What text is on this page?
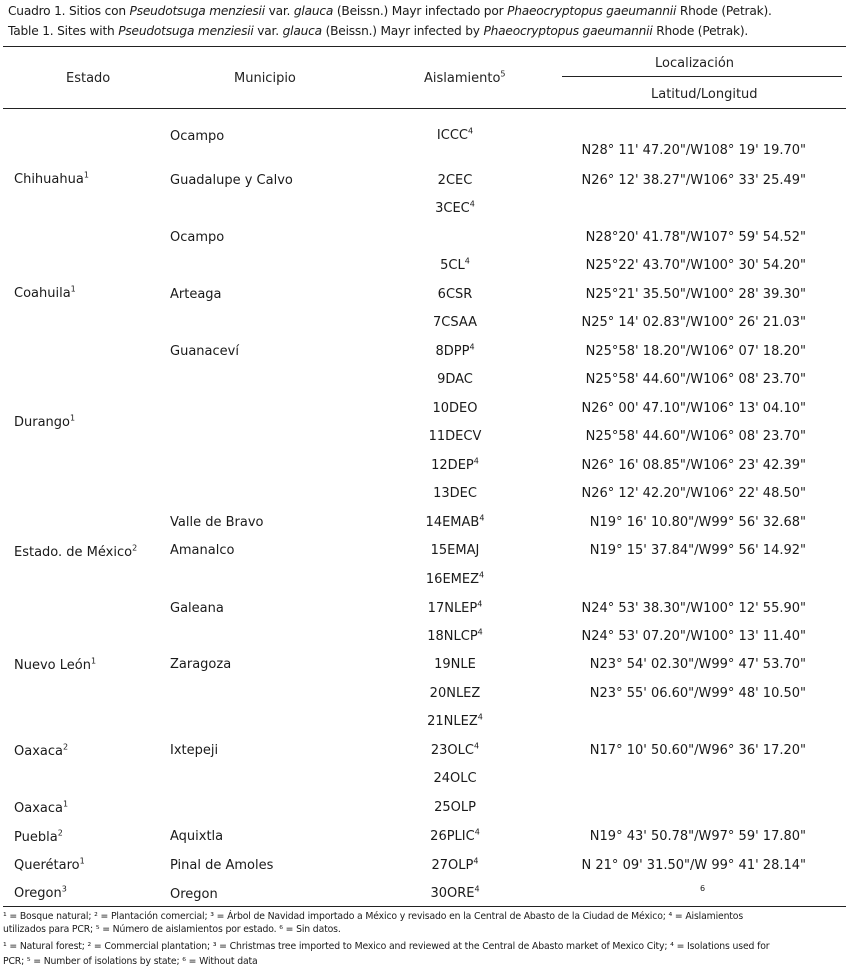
Cuadro 1. Sitios con Pseudotsuga menziesii var. glauca (Beissn.) Mayr infectado por Phaeocryptopus gaeumannii Rhode (Petrak).
Table 1. Sites with Pseudotsuga menziesii var. glauca (Beissn.) Mayr infected by Phaeocryptopus gaeumannii Rhode (Petrak).
Estado	Municipio	Aislamiento$^5$
Localización
Latitud/Longitud
Chihuahua$^1$
Coahuila$^1$
Durango$^1$
Estado. de México$^2$
Nuevo León$^1$
Oaxaca$^2$
Oaxaca$^1$
Puebla$^2$
Querétaro$^1$
Oregon$^3$
Ocampo
Guadalupe y Calvo
Ocampo
Arteaga
Guanaceví
Valle de Bravo
Amanalco
Galeana
Zaragoza
Ixtepeji
Aquixtla
Pinal de Amoles
Oregon
ICCC$^4$
2CEC
3CEC$^4$
$5CL^4$
6CSR
7CSAA
8DPP$^4$
9DAC
10DEO
11DECV
12DEP$^4$
13DEC
14EMAB$^4$
15EMAJ
16EMEZ$^4$
17NLEP$^4$
18NLCP$^4$
19NLE
20NLEZ
21NLEZ$^4$
23OLC$^4$
24OLC
25OLP
26PLIC$^4$
27OLP$^4$
30ORE$^4$
N28° 11' 47.20"/W108° 19' 19.70"
N26° 12' 38.27"/W106° 33' 25.49"
N28°20' 41.78"/W107° 59' 54.52"
N25°22' 43.70"/W100° 30' 54.20"
N25°21' 35.50"/W100° 28' 39.30"
N25° 14' 02.83"/W100° 26' 21.03"
N25°58' 18.20"/W106° 07' 18.20"
N25°58' 44.60"/W106° 08' 23.70"
N26° 00' 47.10"/W106° 13' 04.10"
N25°58' 44.60"/W106° 08' 23.70"
N26° 16' 08.85"/W106° 23' 42.39"
N26° 12' 42.20"/W106° 22' 48.50"
N19° 16' 10.80"/W99° 56' 32.68"
N19° 15' 37.84"/W99° 56' 14.92"
N24° 53' 38.30"/W100° 12' 55.90"
N24° 53' 07.20"/W100° 13' 11.40"
N23° 54' 02.30"/W99° 47' 53.70"
N23° 55' 06.60"/W99° 48' 10.50"
N17° 10' 50.60"/W96° 36' 17.20"
N19° 43' 50.78"/W97° 59' 17.80"
N 21° 09' 31.50"/W 99° 41' 28.14"
6
¹ = Bosque natural; ² = Plantación comercial; ³ = Árbol de Navidad importado a México y revisado en la Central de Abasto de la Ciudad de México; ⁴ = Aislamientos
utilizados para PCR; ⁵ = Número de aislamientos por estado. ⁶ = Sin datos.
¹ = Natural forest; ² = Commercial plantation; ³ = Christmas tree imported to Mexico and reviewed at the Central de Abasto market of Mexico City; ⁴ = Isolations used for
PCR; ⁵ = Number of isolations by state; ⁶ = Without data
